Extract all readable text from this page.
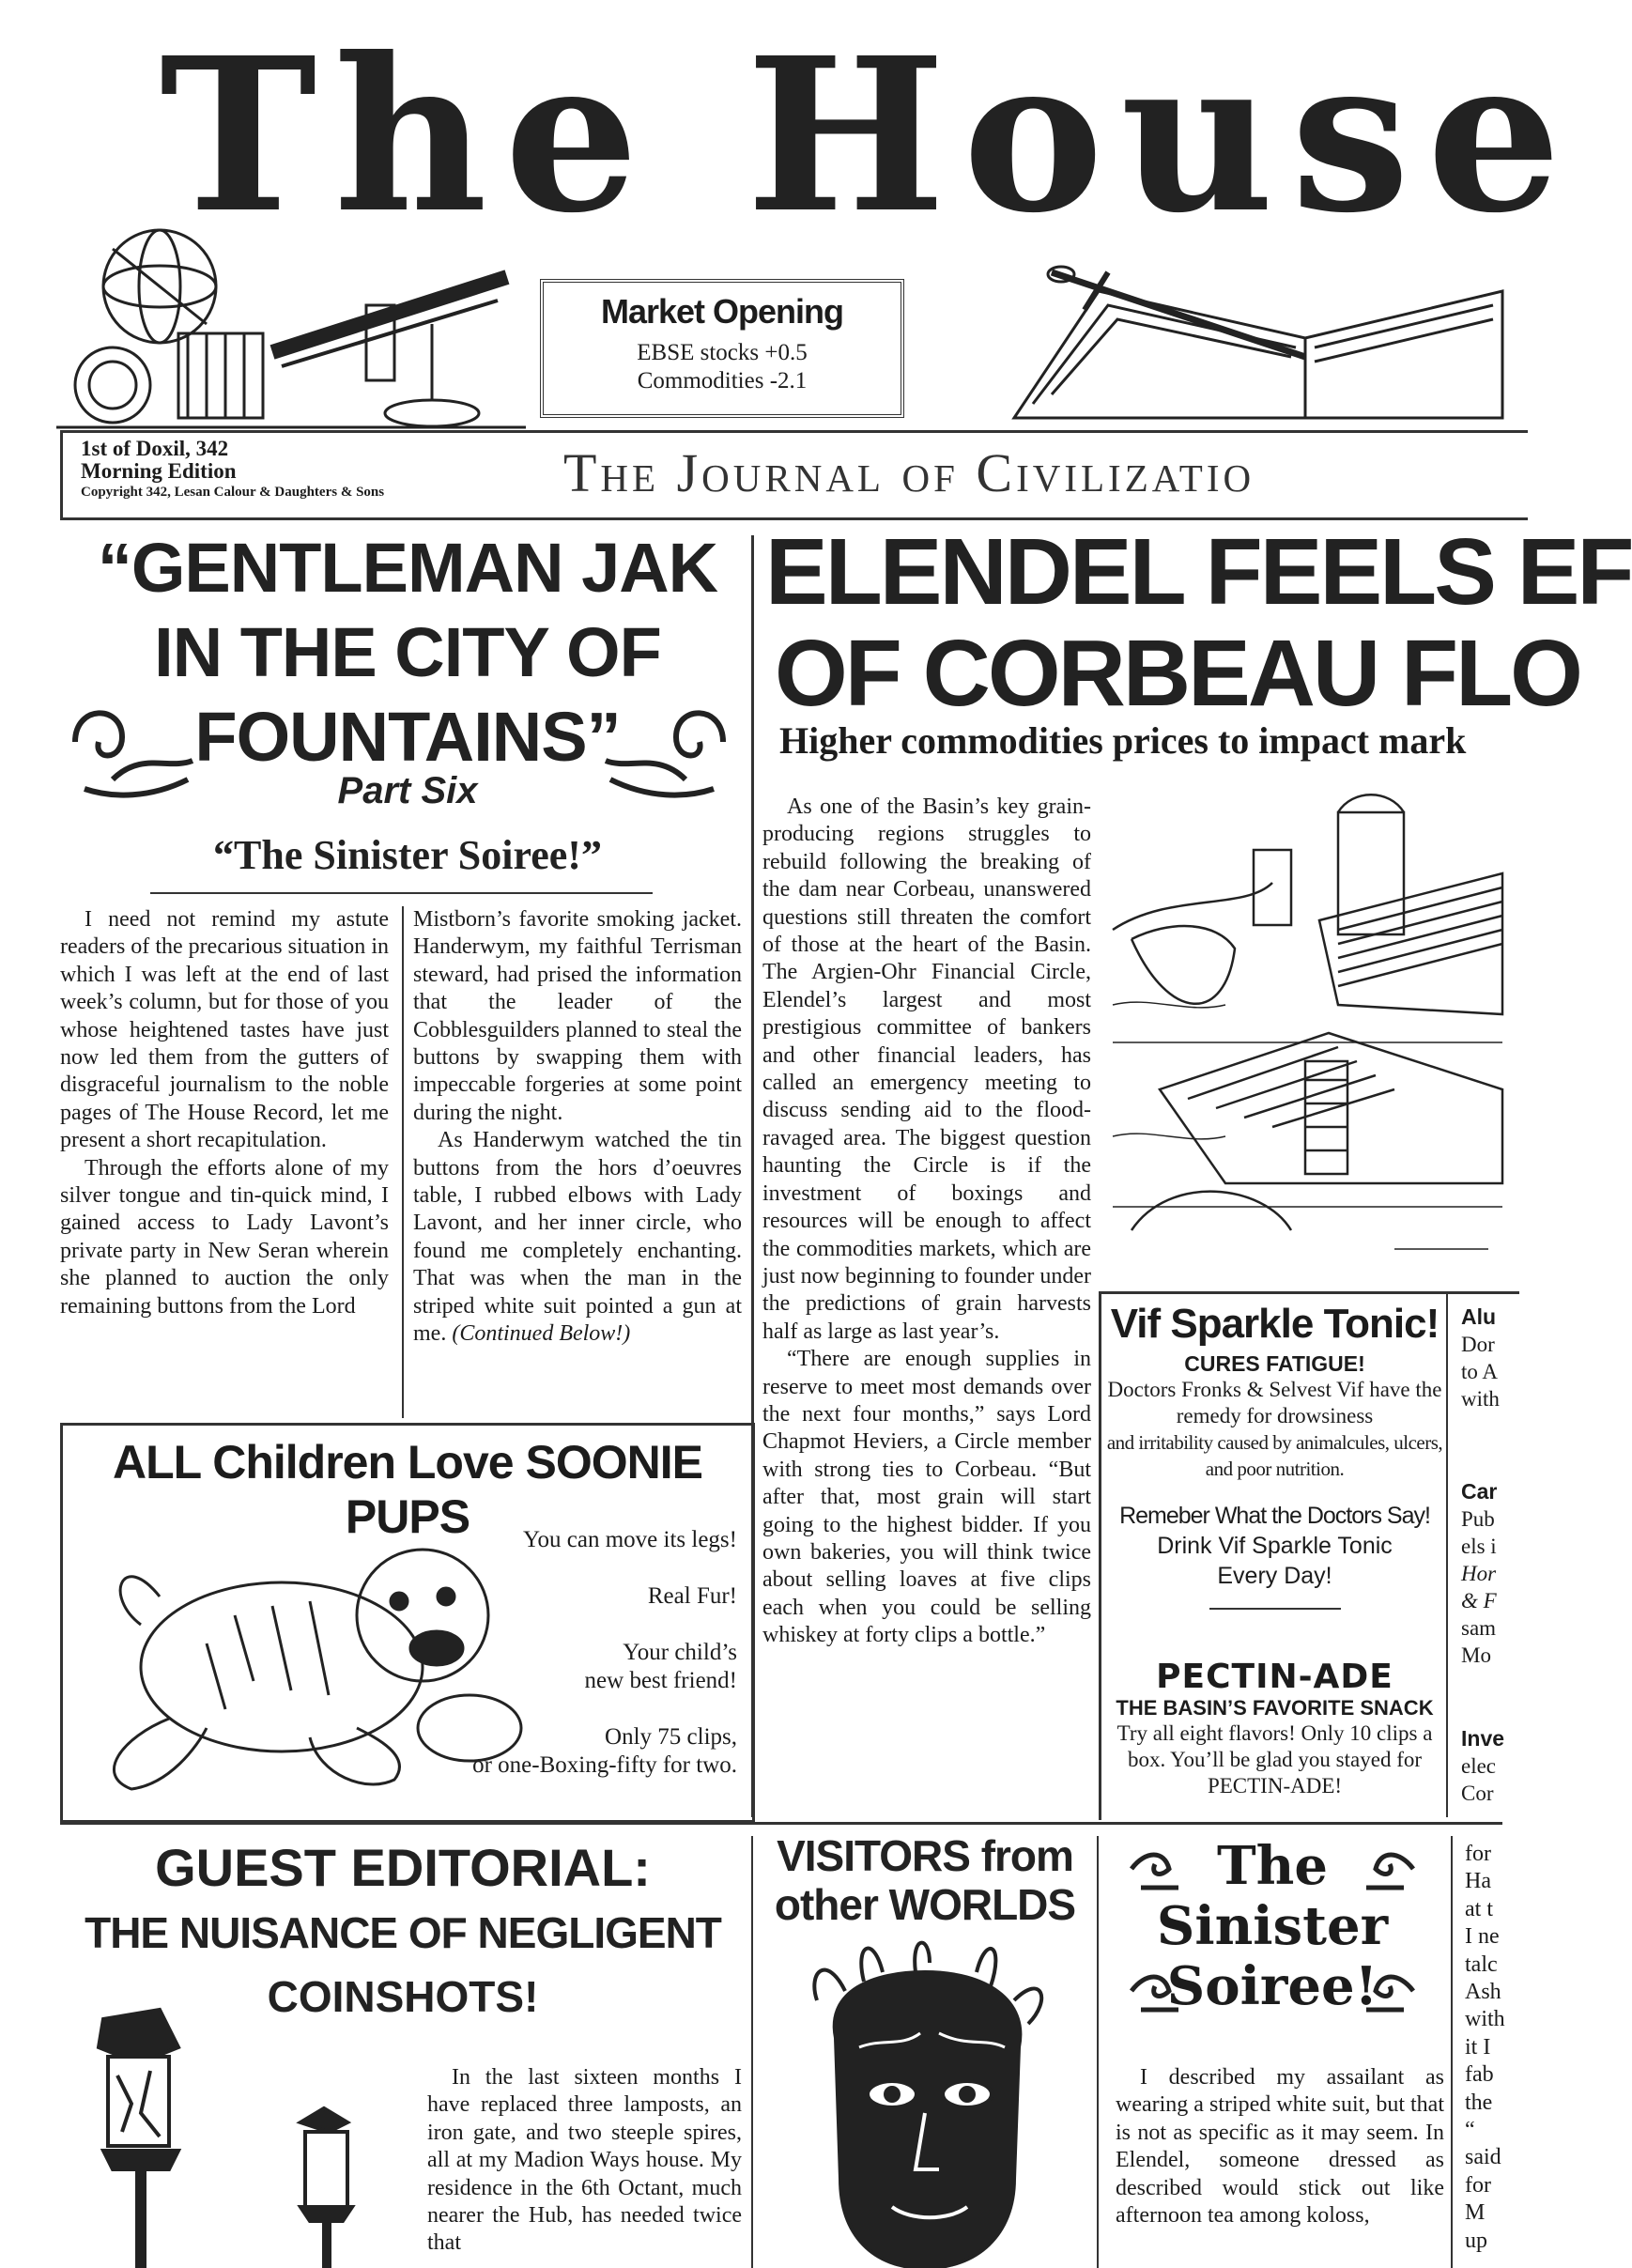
The House
Market Opening
EBSE stocks +0.5
Commodities -2.1
1st of Doxil, 342
Morning Edition
Copyright 342, Lesan Calour & Daughters & Sons	The Journal of Civilizatio
“GENTLEMAN JAK
IN THE CITY OF
FOUNTAINS”
Part Six
“The Sinister Soiree!”

I need not remind my astute readers of the precarious situation in which I was left at the end of last week’s column, but for those of you whose heightened tastes have just now led them from the gutters of disgraceful journalism to the noble pages of The House Record, let me present a short recapitulation.

Through the efforts alone of my silver tongue and tin-quick mind, I gained access to Lady Lavont’s private party in New Seran wherein she planned to auction the only remaining buttons from the Lord

Mistborn’s favorite smoking jacket. Handerwym, my faithful Terrisman steward, had prised the information that the leader of the Cobblesguilders planned to steal the buttons by swapping them with impeccable forgeries at some point during the night.

As Handerwym watched the tin buttons from the hors d’oeuvres table, I rubbed elbows with Lady Lavont, and her inner circle, who found me completely enchanting. That was when the man in the striped white suit pointed a gun at me. (Continued Below!)

ALL Children Love SOONIE PUPS	You can move its legs!
Real Fur!
Your child’s
new best friend!
Only 75 clips,
or one-Boxing-fifty for two.
ELENDEL FEELS EF
OF CORBEAU FLO
Higher commodities prices to impact mark

As one of the Basin’s key grain-producing regions struggles to rebuild following the breaking of the dam near Corbeau, unanswered questions still threaten the comfort of those at the heart of the Basin. The Argien-Ohr Financial Circle, Elendel’s largest and most prestigious committee of bankers and other financial leaders, has called an emergency meeting to discuss sending aid to the flood-ravaged area. The biggest question haunting the Circle is if the investment of boxings and resources will be enough to affect the commodities markets, which are just now beginning to founder under the predictions of grain harvests half as large as last year’s.

“There are enough supplies in reserve to meet most demands over the next four months,” says Lord Chapmot Heviers, a Circle member with strong ties to Corbeau. “But after that, most grain will start going to the highest bidder. If you own bakeries, you will think twice about selling loaves at five clips each when you could be selling whiskey at forty clips a bottle.”

Vif Sparkle Tonic!
CURES FATIGUE!
Doctors Fronks & Selvest Vif have the remedy for drowsiness
and irritability caused by animalcules, ulcers, and poor nutrition.
Remeber What the Doctors Say!
Drink Vif Sparkle Tonic
Every Day!
PECTIN-ADE
THE BASIN’S FAVORITE SNACK
Try all eight flavors! Only 10 clips a box. You’ll be glad you stayed for PECTIN-ADE!
Alu
Dor
to A
with
Car
Pub
els i
Hor
& F
sam
Mo
Inve
elec
Cor
GUEST EDITORIAL:
THE NUISANCE OF NEGLIGENT
COINSHOTS!

In the last sixteen months I have replaced three lamposts, an iron gate, and two steeple spires, all at my Madion Ways house. My residence in the 6th Octant, much nearer the Hub, has needed twice that

VISITORS from
other WORLDS
The
Sinister
Soiree!

I described my assailant as wearing a striped white suit, but that is not as specific as it may seem. In Elendel, someone dressed as described would stick out like afternoon tea among koloss,

for
Ha
at t
I ne
talc
Ash
with
it I
fab
the
“
said
for
M
up
